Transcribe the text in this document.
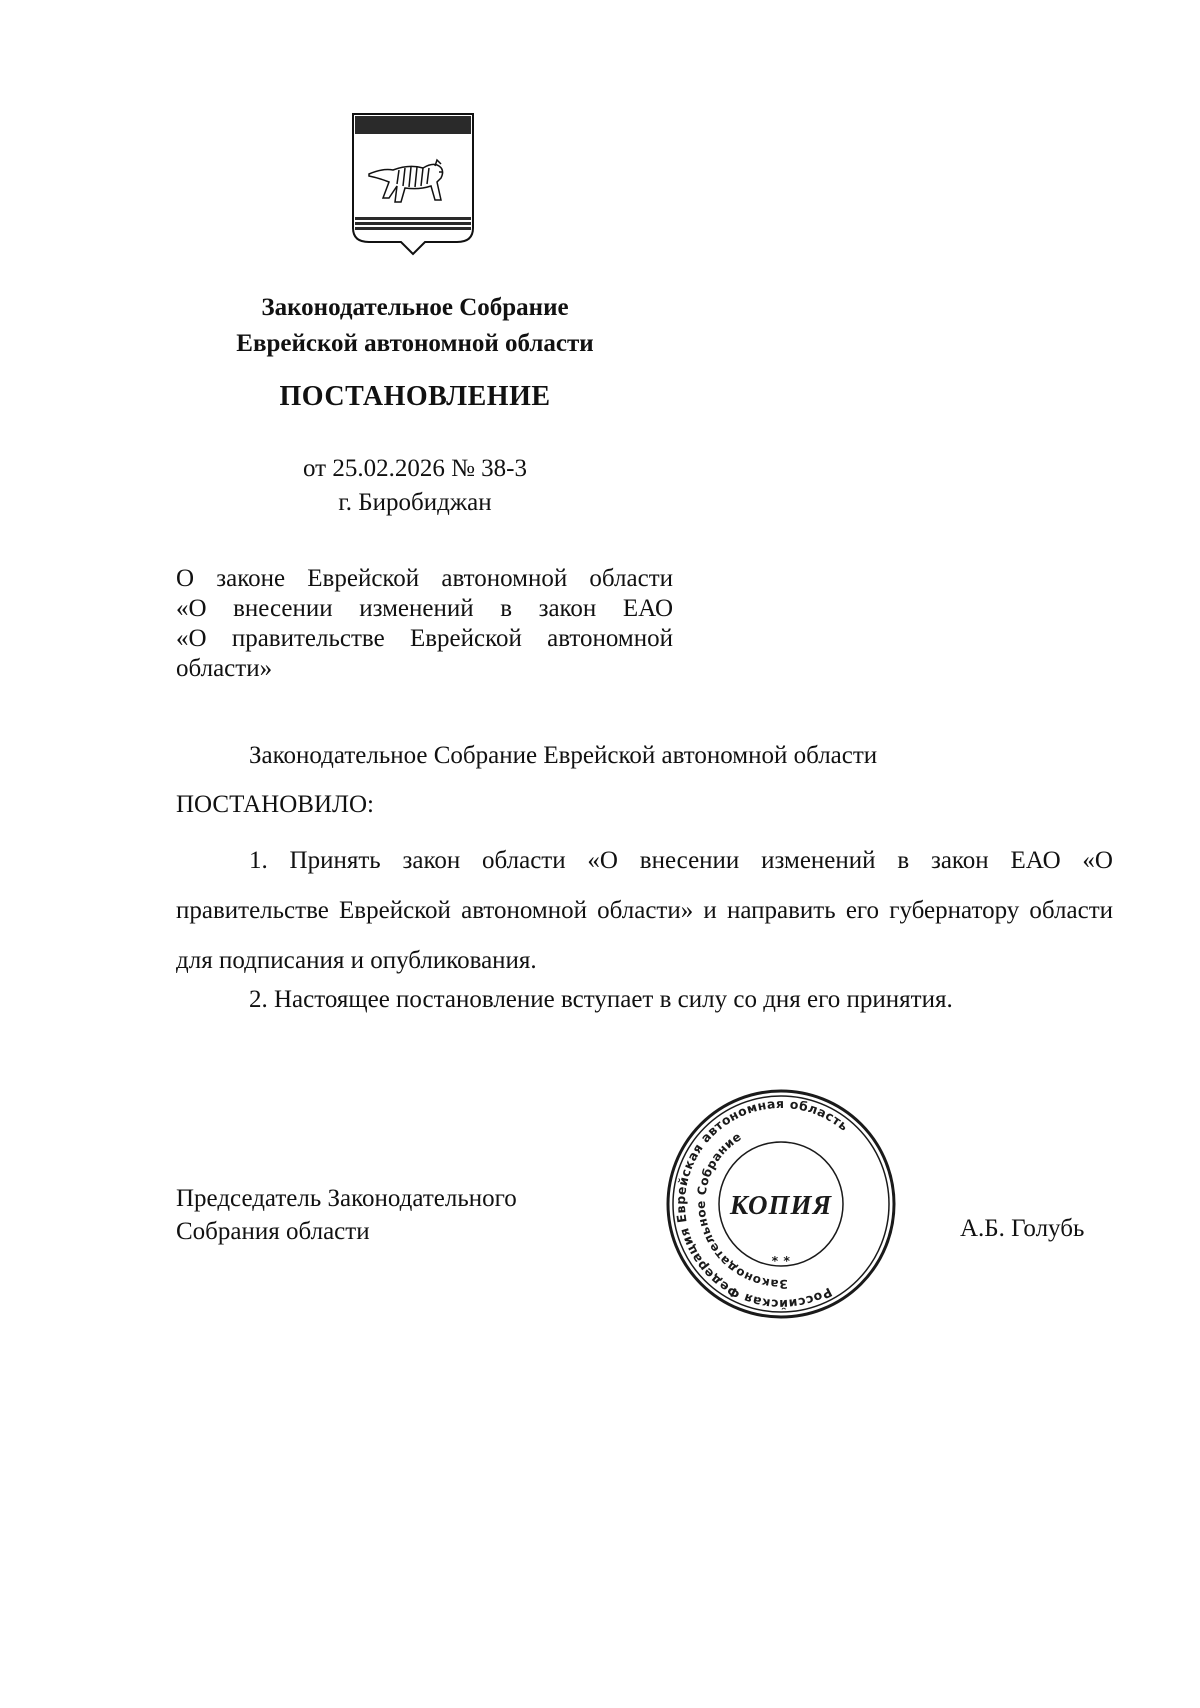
Законодательное Собрание
Еврейской автономной области
ПОСТАНОВЛЕНИЕ
от 25.02.2026 № 38-3
г. Биробиджан
О законе Еврейской автономной области
«О внесении изменений в закон ЕАО
«О правительстве Еврейской автономной
области»
Законодательное Собрание Еврейской автономной области
ПОСТАНОВИЛО:
1. Принять закон области «О внесении изменений в закон ЕАО «О правительстве Еврейской автономной области» и направить его губернатору области для подписания и опубликования.
2. Настоящее постановление вступает в силу со дня его принятия.
Председатель Законодательного
Собрания области	А.Б. Голубь
Российская Федерация Еврейская автономная область
Законодательное Собрание
КОПИЯ
* *
